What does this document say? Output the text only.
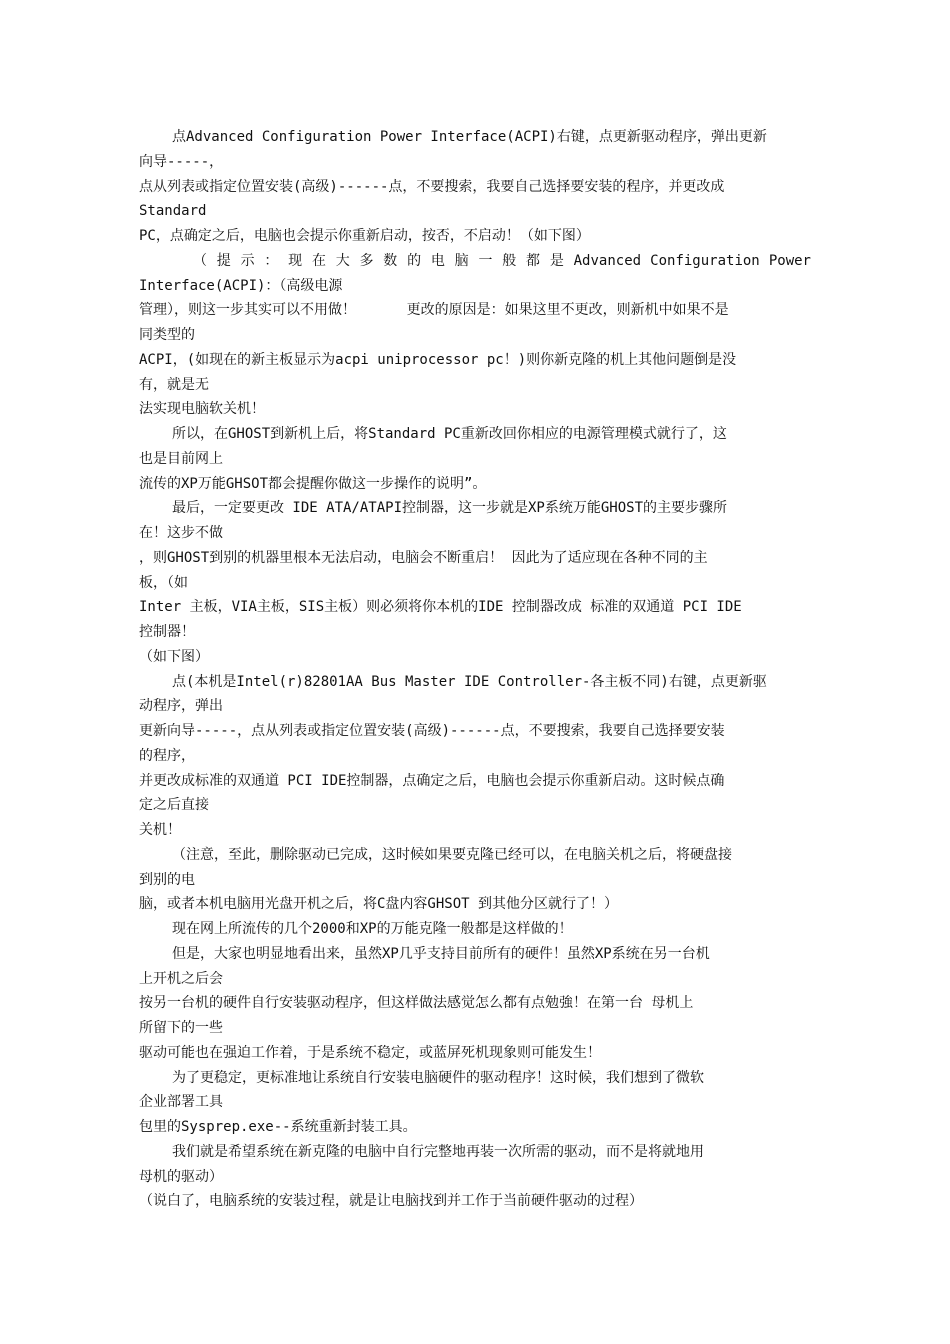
点Advanced Configuration Power Interface(ACPI)右键，点更新驱动程序，弹出更新
向导-----，
点从列表或指定位置安装(高级)------点，不要搜索，我要自己选择要安装的程序，并更改成
Standard
PC，点确定之后，电脑也会提示你重新启动，按否，不启动！（如下图）
（ 提 示 ： 现 在 大 多 数 的 电 脑 一 般 都 是 Advanced Configuration Power
Interface(ACPI)：（高级电源
管理），则这一步其实可以不用做！      更改的原因是：如果这里不更改，则新机中如果不是
同类型的
ACPI，(如现在的新主板显示为acpi uniprocessor pc！)则你新克隆的机上其他问题倒是没
有，就是无
法实现电脑软关机！
所以，在GHOST到新机上后，将Standard PC重新改回你相应的电源管理模式就行了，这
也是目前网上
流传的XP万能GHSOT都会提醒你做这一步操作的说明”。
最后，一定要更改 IDE ATA/ATAPI控制器，这一步就是XP系统万能GHOST的主要步骤所
在！这步不做
，则GHOST到别的机器里根本无法启动，电脑会不断重启！ 因此为了适应现在各种不同的主
板，（如
Inter 主板，VIA主板，SIS主板）则必须将你本机的IDE 控制器改成 标准的双通道 PCI IDE
控制器！
（如下图）
点(本机是Intel(r)82801AA Bus Master IDE Controller-各主板不同)右键，点更新驱
动程序，弹出
更新向导-----，点从列表或指定位置安装(高级)------点，不要搜索，我要自己选择要安装
的程序，
并更改成标准的双通道 PCI IDE控制器，点确定之后，电脑也会提示你重新启动。这时候点确
定之后直接
关机！
（注意，至此，删除驱动已完成，这时候如果要克隆已经可以，在电脑关机之后，将硬盘接
到别的电
脑，或者本机电脑用光盘开机之后，将C盘内容GHSOT 到其他分区就行了！）
现在网上所流传的几个2000和XP的万能克隆一般都是这样做的！
但是，大家也明显地看出来，虽然XP几乎支持目前所有的硬件！虽然XP系统在另一台机
上开机之后会
按另一台机的硬件自行安装驱动程序，但这样做法感觉怎么都有点勉強！在第一台 母机上
所留下的一些
驱动可能也在强迫工作着，于是系统不稳定，或蓝屏死机现象则可能发生！
为了更稳定，更标准地让系统自行安装电脑硬件的驱动程序！这时候，我们想到了微软
企业部署工具
包里的Sysprep.exe--系统重新封装工具。
我们就是希望系统在新克隆的电脑中自行完整地再装一次所需的驱动，而不是将就地用
母机的驱动）
（说白了，电脑系统的安装过程，就是让电脑找到并工作于当前硬件驱动的过程）
